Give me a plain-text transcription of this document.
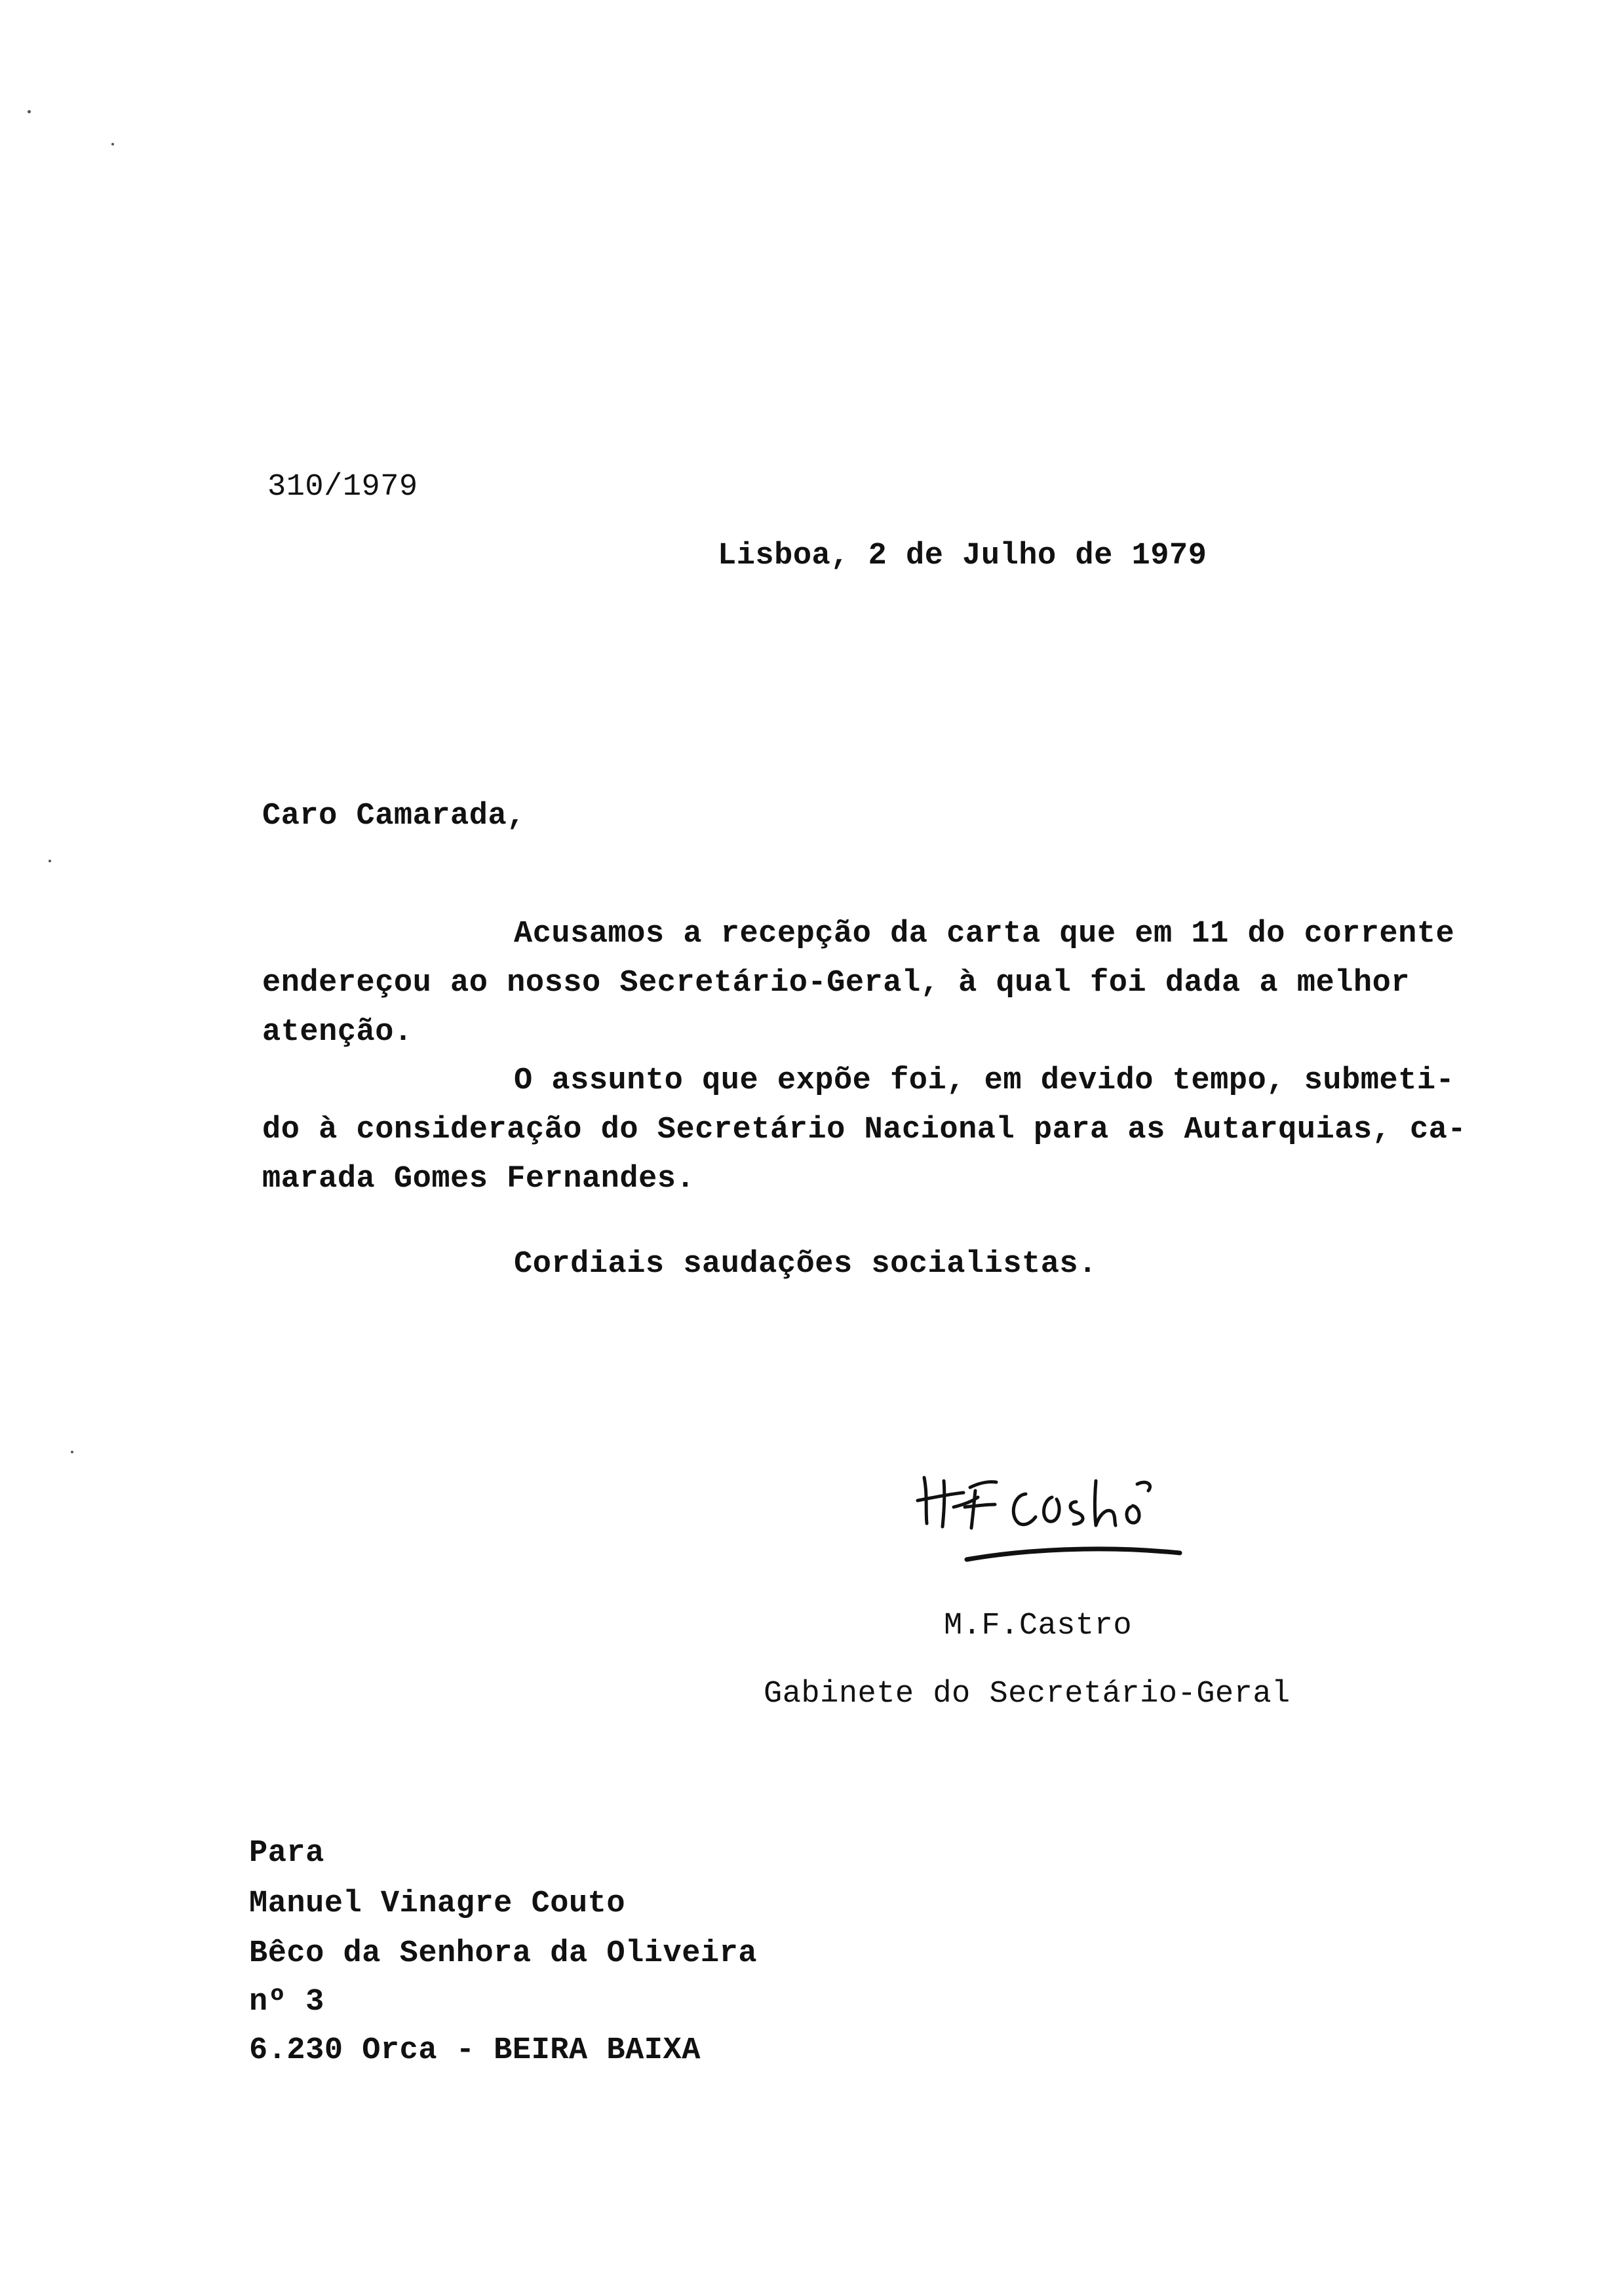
310/1979
Lisboa, 2 de Julho de 1979
Caro Camarada,
Acusamos a recepção da carta que em 11 do corrente
endereçou ao nosso Secretário-Geral, à qual foi dada a melhor
atenção.
O assunto que expõe foi, em devido tempo, submeti-
do à consideração do Secretário Nacional para as Autarquias, ca-
marada Gomes Fernandes.
Cordiais saudações socialistas.
M.F.Castro
Gabinete do Secretário-Geral
Para
Manuel Vinagre Couto
Bêco da Senhora da Oliveira
nº 3
6.230 Orca - BEIRA BAIXA
